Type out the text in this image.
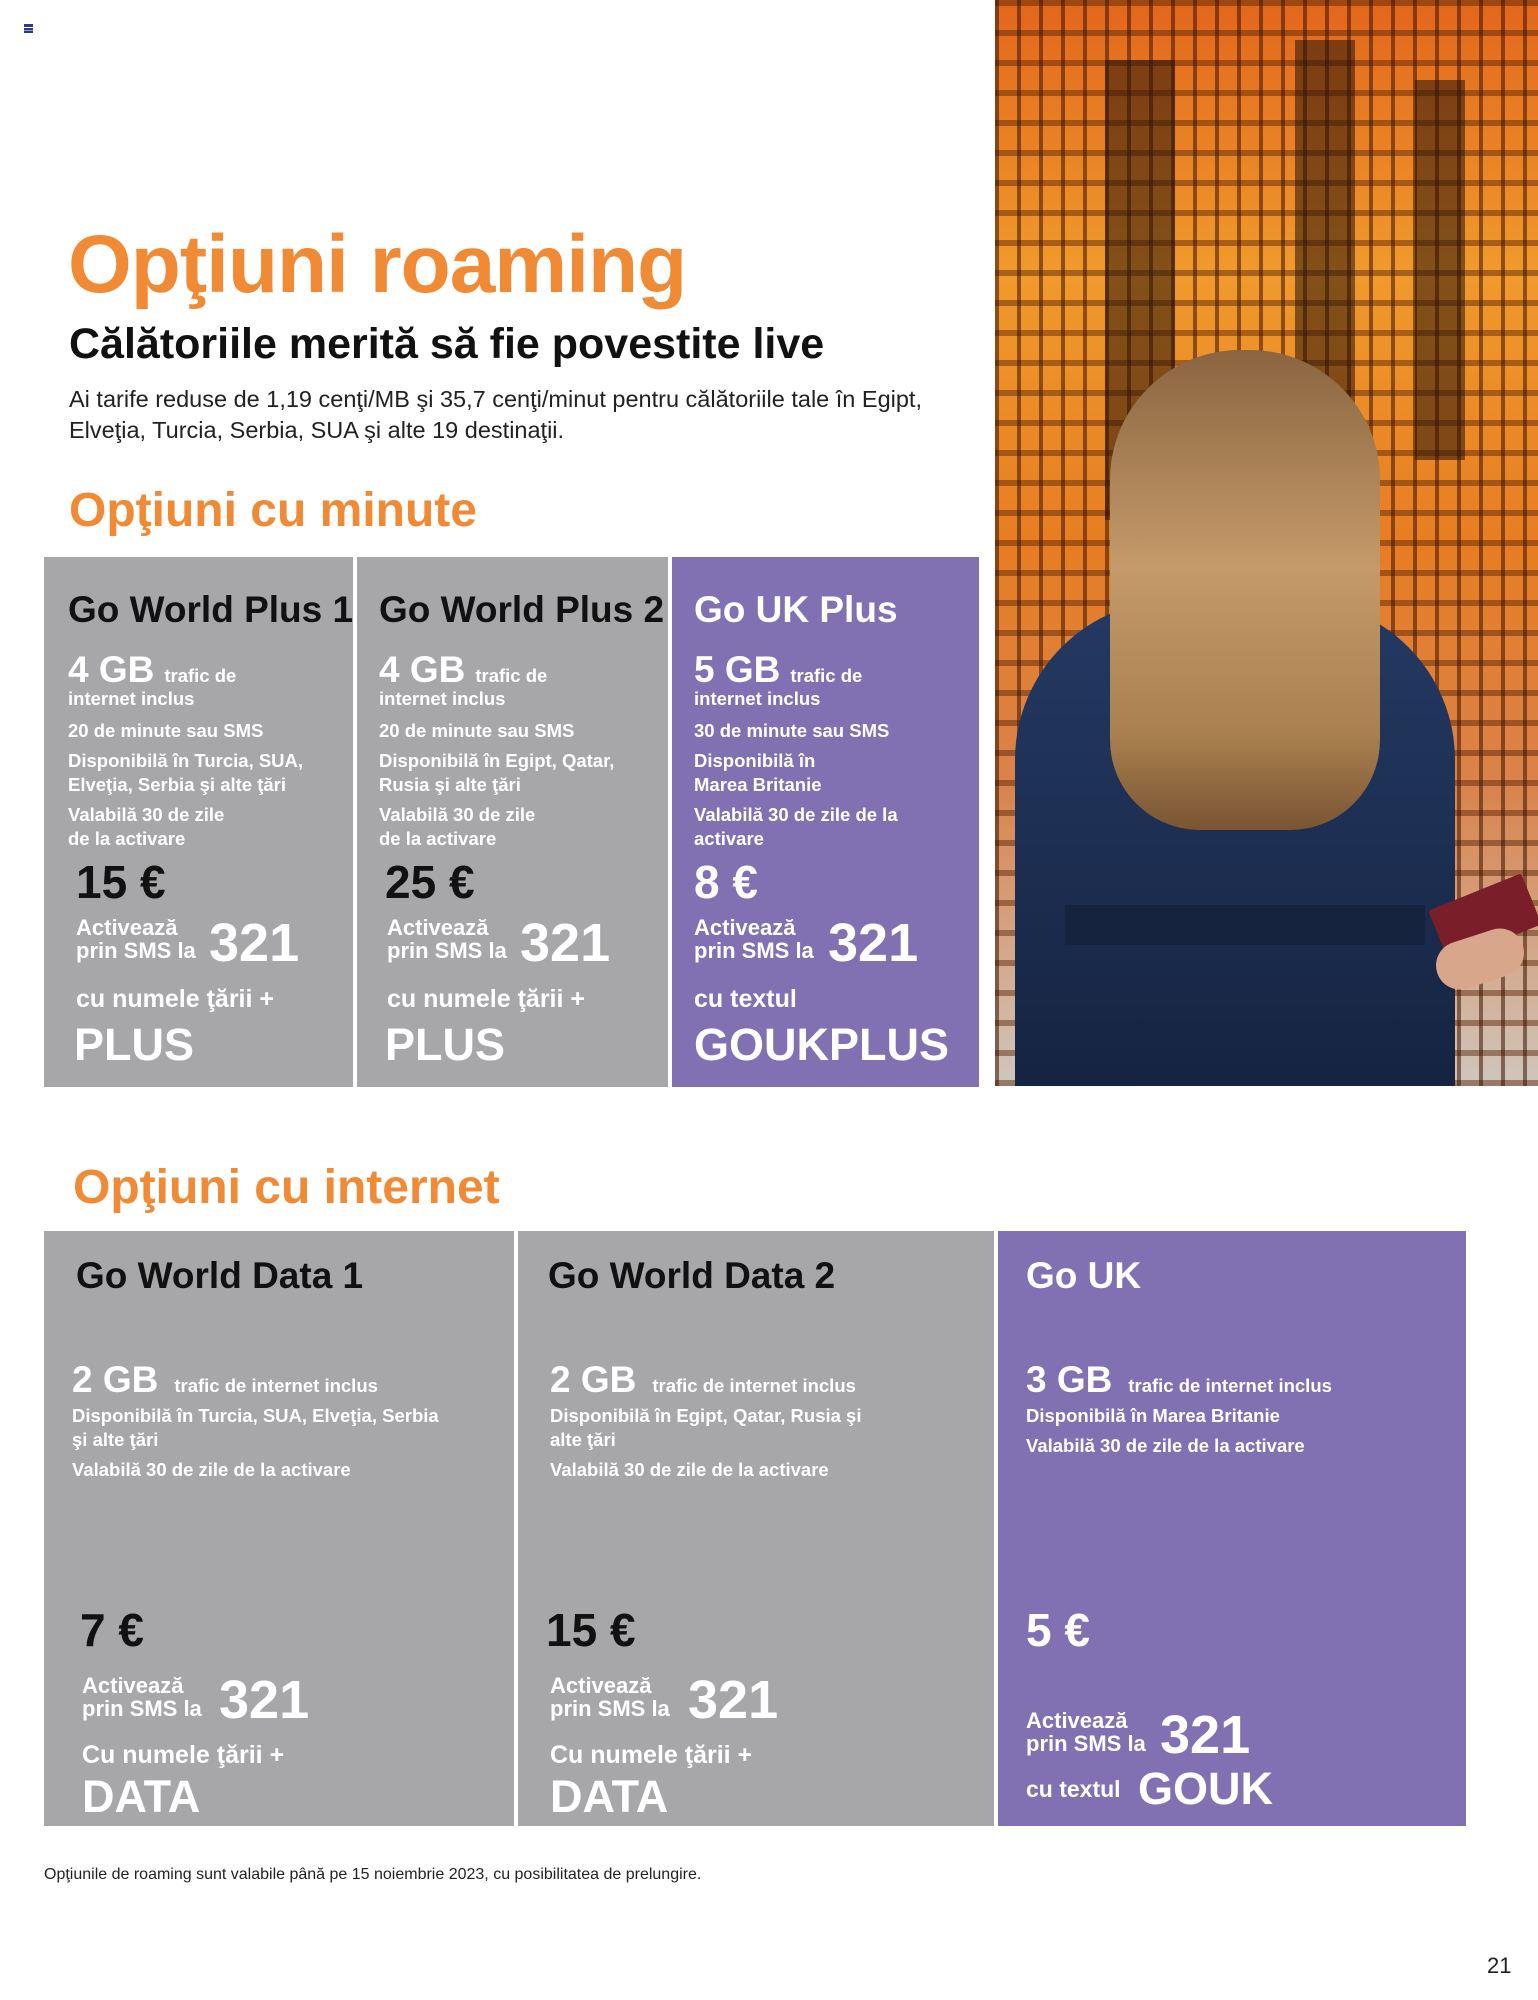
Opţiuni roaming
Călătoriile merită să fie povestite live
Ai tarife reduse de 1,19 cenţi/MB şi 35,7 cenţi/minut pentru călătoriile tale în Egipt, Elveţia, Turcia, Serbia, SUA şi alte 19 destinaţii.
Opţiuni cu minute
Go World Plus 1
4 GB trafic de
internet inclus
20 de minute sau SMS
Disponibilă în Turcia, SUA, Elveţia, Serbia şi alte ţări
Valabilă 30 de zile de la activare
15 €
Activează
prin SMS la 321
cu numele ţării +
PLUS
Go World Plus 2
4 GB trafic de
internet inclus
20 de minute sau SMS
Disponibilă în Egipt, Qatar, Rusia şi alte ţări
Valabilă 30 de zile de la activare
25 €
Activează
prin SMS la 321
cu numele ţării +
PLUS
Go UK Plus
5 GB trafic de
internet inclus
30 de minute sau SMS
Disponibilă în Marea Britanie
Valabilă 30 de zile de la activare
8 €
Activează
prin SMS la 321
cu textul
GOUKPLUS
Opţiuni cu internet
Go World Data 1
2 GB trafic de internet inclus
Disponibilă în Turcia, SUA, Elveţia, Serbia şi alte ţări
Valabilă 30 de zile de la activare
7 €
Activează
prin SMS la 321
Cu numele ţării +
DATA
Go World Data 2
2 GB trafic de internet inclus
Disponibilă în Egipt, Qatar, Rusia şi alte ţări
Valabilă 30 de zile de la activare
15 €
Activează
prin SMS la 321
Cu numele ţării +
DATA
Go UK
3 GB trafic de internet inclus
Disponibilă în Marea Britanie
Valabilă 30 de zile de la activare
5 €
Activează
prin SMS la 321
cu textul GOUK
Opţiunile de roaming sunt valabile până pe 15 noiembrie 2023, cu posibilitatea de prelungire.
21
